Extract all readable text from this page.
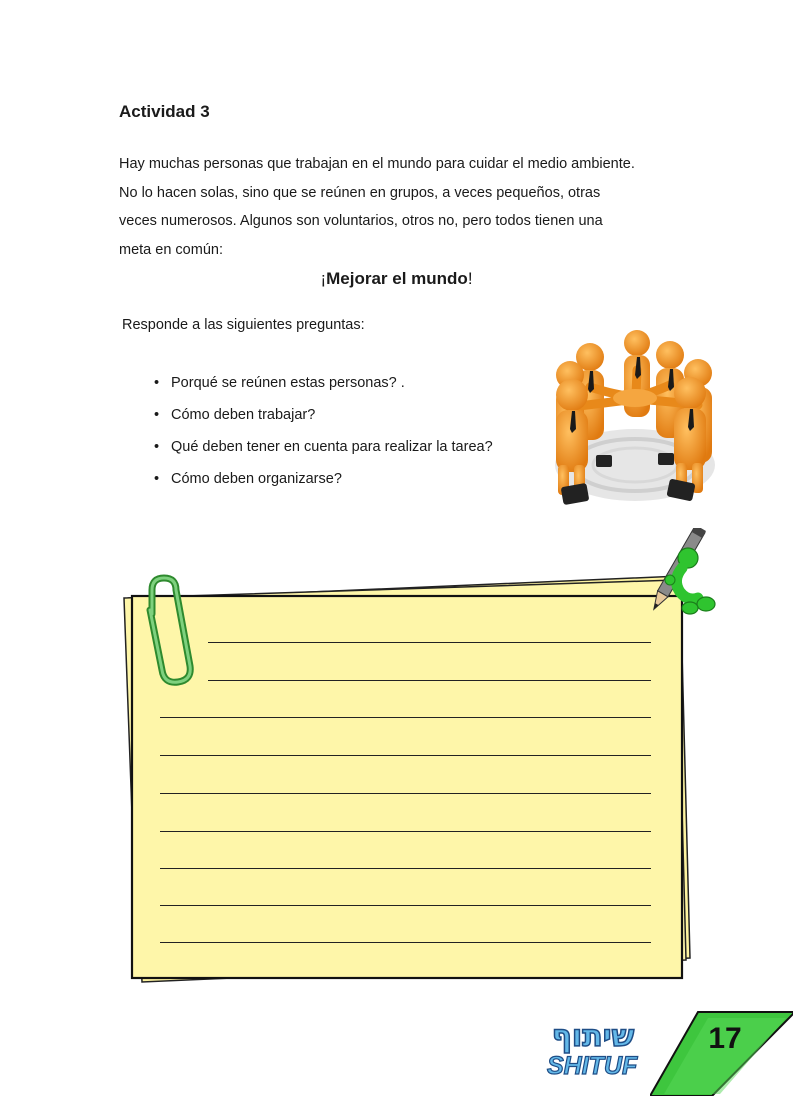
Actividad 3
Hay muchas personas que trabajan en el mundo para cuidar el medio ambiente.
No lo hacen solas, sino que se reúnen en grupos, a veces pequeños, otras
veces numerosos. Algunos son voluntarios, otros no, pero todos tienen una
meta en común:
¡Mejorar el mundo!
Responde a las siguientes preguntas:
• Porqué se reúnen estas personas? .
• Cómo deben trabajar?
• Qué deben tener en cuenta para realizar la tarea?
• Cómo deben organizarse?
שיתוף
SHITUF
17
